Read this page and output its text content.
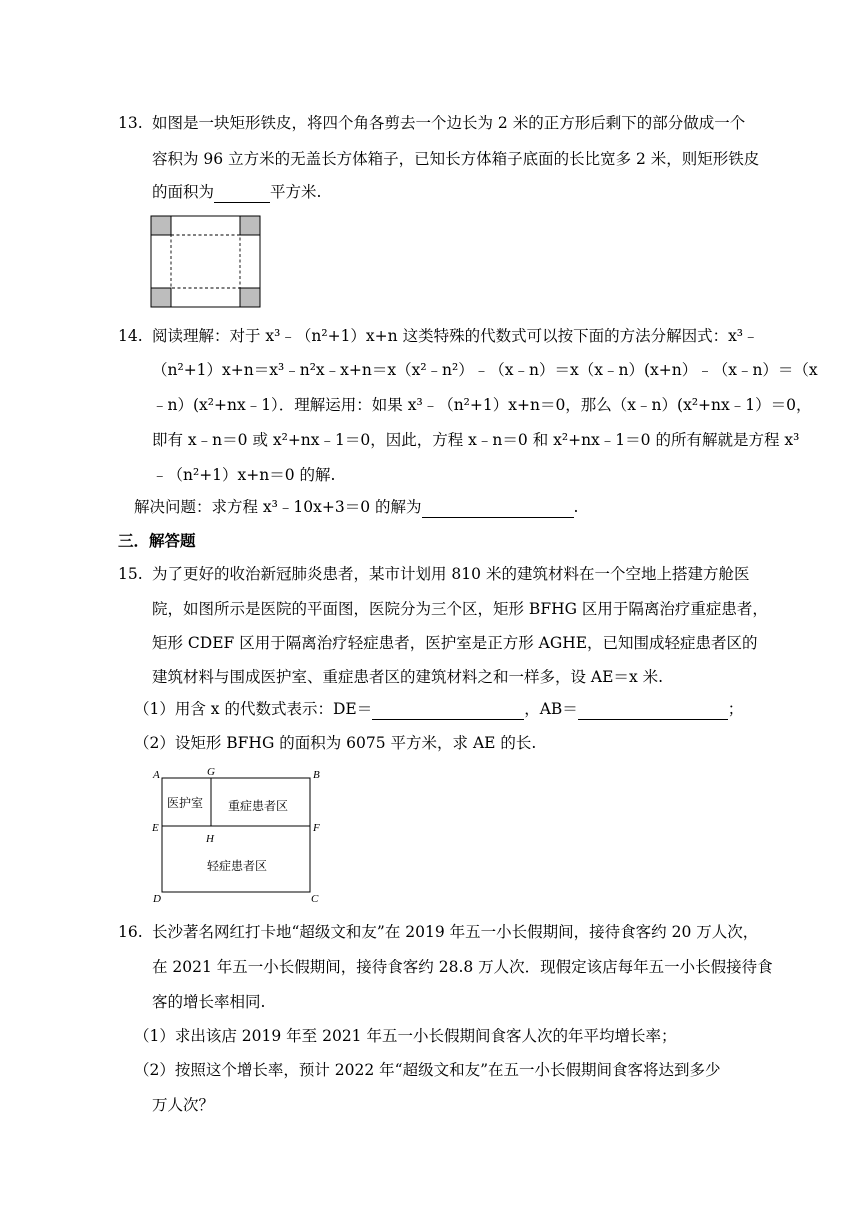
13. 如图是一块矩形铁皮，将四个角各剪去一个边长为 2 米的正方形后剩下的部分做成一个
容积为 96 立方米的无盖长方体箱子，已知长方体箱子底面的长比宽多 2 米，则矩形铁皮
的面积为	平方米.
14. 阅读理解：对于 x³﹣（n²+1）x+n 这类特殊的代数式可以按下面的方法分解因式：x³﹣
（n²+1）x+n＝x³﹣n²x﹣x+n＝x（x²﹣n²）﹣（x﹣n）＝x（x﹣n）(x+n）﹣（x﹣n）＝（x
﹣n）(x²+nx﹣1）．理解运用：如果 x³﹣（n²+1）x+n＝0，那么（x﹣n）(x²+nx﹣1）＝0，
即有 x﹣n＝0 或 x²+nx﹣1＝0，因此，方程 x﹣n＝0 和 x²+nx﹣1＝0 的所有解就是方程 x³
﹣（n²+1）x+n＝0 的解.
解决问题：求方程 x³﹣10x+3＝0 的解为	.
三．解答题
15. 为了更好的收治新冠肺炎患者，某市计划用 810 米的建筑材料在一个空地上搭建方舱医
院，如图所示是医院的平面图，医院分为三个区，矩形 BFHG 区用于隔离治疗重症患者，
矩形 CDEF 区用于隔离治疗轻症患者，医护室是正方形 AGHE，已知围成轻症患者区的
建筑材料与围成医护室、重症患者区的建筑材料之和一样多，设 AE＝x 米.
（1）用含 x 的代数式表示：DE＝	，AB＝	；
（2）设矩形 BFHG 的面积为 6075 平方米，求 AE 的长.
A	G	B
E
H
F
D	C
医护室 重症患者区
轻症患者区
16. 长沙著名网红打卡地“超级文和友”在 2019 年五一小长假期间，接待食客约 20 万人次，
在 2021 年五一小长假期间，接待食客约 28.8 万人次．现假定该店每年五一小长假接待食
客的增长率相同.
（1）求出该店 2019 年至 2021 年五一小长假期间食客人次的年平均增长率；
（2）按照这个增长率，预计 2022 年“超级文和友”在五一小长假期间食客将达到多少
万人次？
